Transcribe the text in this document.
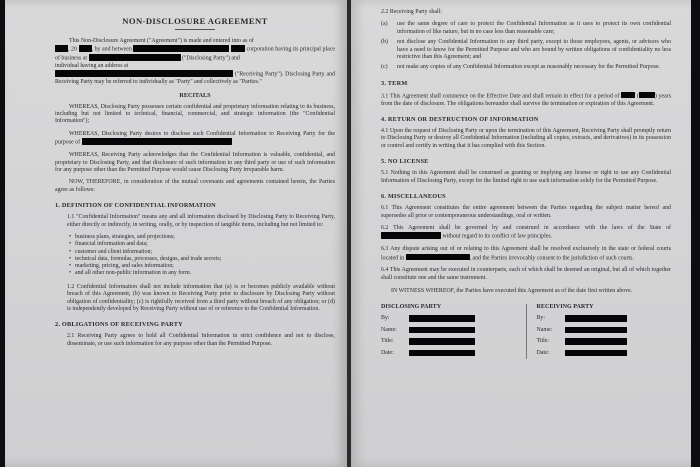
NON-DISCLOSURE AGREEMENT
This Non-Disclosure Agreement ("Agreement") is made and entered into as of
, 20 , by and between	corporation having its principal place of business at	("Disclosing Party") and
individual having an address at
("Receiving Party"). Disclosing Party and Receiving Party may be referred to individually as "Party" and collectively as "Parties."
RECITALS
WHEREAS, Disclosing Party possesses certain confidential and proprietary information relating to its business, including but not limited to technical, financial, commercial, and strategic information (the "Confidential Information");
WHEREAS, Disclosing Party desires to disclose such Confidential Information to Receiving Party for the purpose of
WHEREAS, Receiving Party acknowledges that the Confidential Information is valuable, confidential, and proprietary to Disclosing Party, and that disclosure of such information to any third party or use of such information for any purpose other than the Permitted Purpose would cause Disclosing Party irreparable harm.
NOW, THEREFORE, in consideration of the mutual covenants and agreements contained herein, the Parties agree as follows:
1. DEFINITION OF CONFIDENTIAL INFORMATION
1.1 "Confidential Information" means any and all information disclosed by Disclosing Party to Receiving Party, either directly or indirectly, in writing, orally, or by inspection of tangible items, including but not limited to:
• business plans, strategies, and projections;
• financial information and data;
• customer and client information;
• technical data, formulas, processes, designs, and trade secrets;
• marketing, pricing, and sales information;
• and all other non-public information in any form.
1.2 Confidential Information shall not include information that (a) is or becomes publicly available without breach of this Agreement; (b) was known to Receiving Party prior to disclosure by Disclosing Party without obligation of confidentiality; (c) is rightfully received from a third party without breach of any obligation; or (d) is independently developed by Receiving Party without use of or reference to the Confidential Information.
2. OBLIGATIONS OF RECEIVING PARTY
2.1 Receiving Party agrees to hold all Confidential Information in strict confidence and not to disclose, disseminate, or use such information for any purpose other than the Permitted Purpose.
2.2 Receiving Party shall:
(a)	use the same degree of care to protect the Confidential Information as it uses to protect its own confidential information of like nature, but in no case less than reasonable care;
(b)	not disclose any Confidential Information to any third party, except to those employees, agents, or advisors who have a need to know for the Permitted Purpose and who are bound by written obligations of confidentiality no less restrictive than this Agreement; and
(c)	not make any copies of any Confidential Information except as reasonably necessary for the Permitted Purpose.
3. TERM
3.1 This Agreement shall commence on the Effective Date and shall remain in effect for a period of	(	) years from the date of disclosure. The obligations hereunder shall survive the termination or expiration of this Agreement.
4. RETURN OR DESTRUCTION OF INFORMATION
4.1 Upon the request of Disclosing Party or upon the termination of this Agreement, Receiving Party shall promptly return to Disclosing Party or destroy all Confidential Information (including all copies, extracts, and derivatives) in its possession or control and certify in writing that it has complied with this Section.
5. NO LICENSE
5.1 Nothing in this Agreement shall be construed as granting or implying any license or right to use any Confidential Information of Disclosing Party, except for the limited right to use such information solely for the Permitted Purpose.
6. MISCELLANEOUS
6.1 This Agreement constitutes the entire agreement between the Parties regarding the subject matter hereof and supersedes all prior or contemporaneous understandings, oral or written.
6.2 This Agreement shall be governed by and construed in accordance with the laws of the State of  without regard to its conflict of law principles.
6.3 Any dispute arising out of or relating to this Agreement shall be resolved exclusively in the state or federal courts located in	, and the Parties irrevocably consent to the jurisdiction of such courts.
6.4 This Agreement may be executed in counterparts, each of which shall be deemed an original, but all of which together shall constitute one and the same instrument.
IN WITNESS WHEREOF, the Parties have executed this Agreement as of the date first written above.
DISCLOSING PARTY
By:
Name:
Title:
Date:
RECEIVING PARTY
By:
Name:
Title:
Date:
